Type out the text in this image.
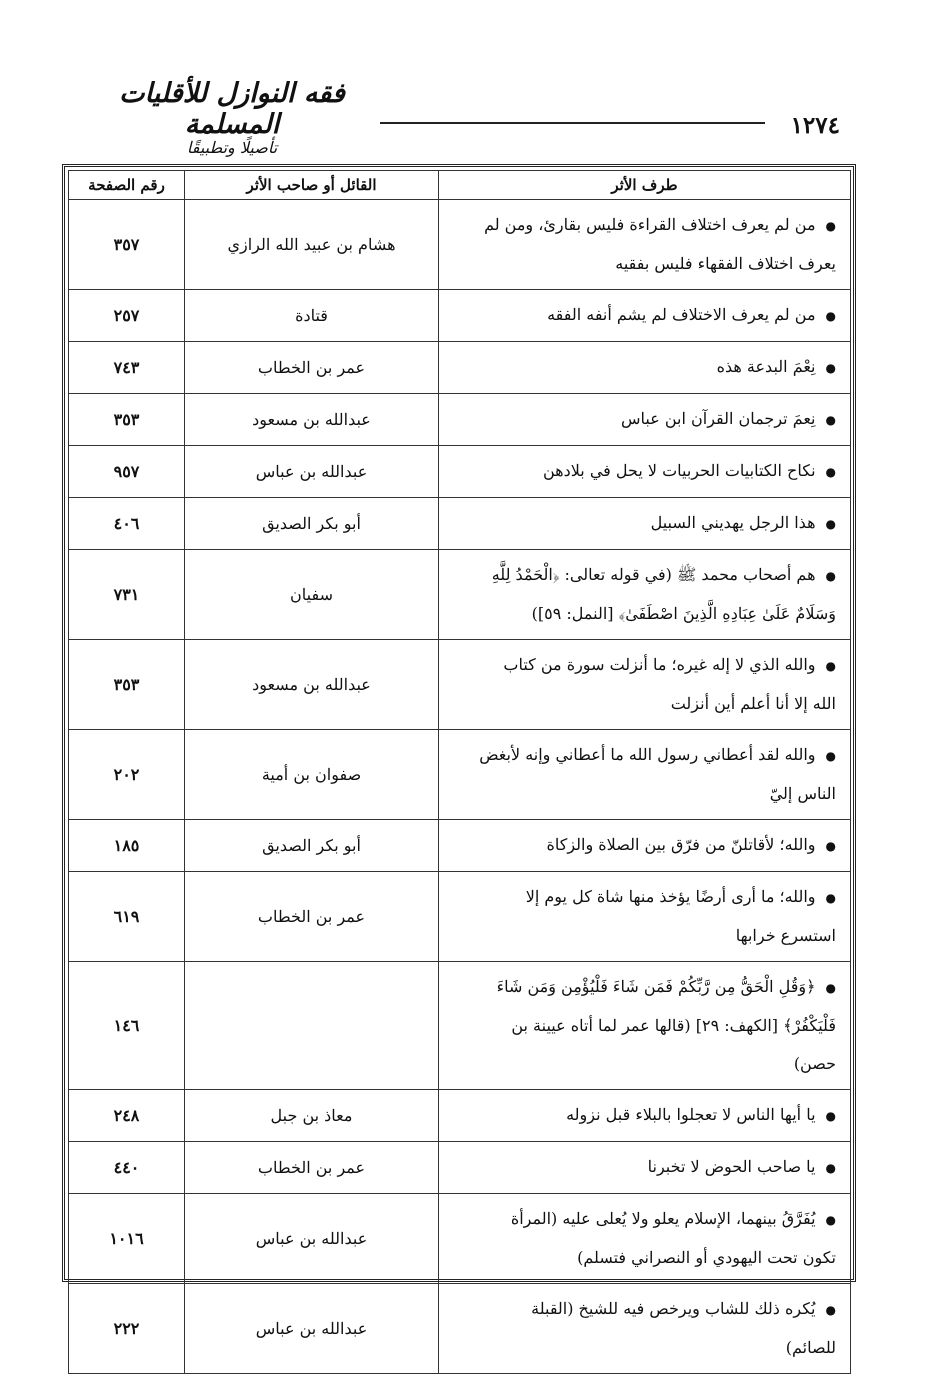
فقه النوازل للأقليات المسلمة
تأصيلًا وتطبيقًا
١٢٧٤
طرف الأثر	القائل أو صاحب الأثر	رقم الصفحة
●من لم يعرف اختلاف القراءة فليس بقارئ، ومن لم يعرف اختلاف الفقهاء فليس بفقيه	هشام بن عبيد الله الرازي	٣٥٧
●من لم يعرف الاختلاف لم يشم أنفه الفقه	قتادة	٢٥٧
●نِعْمَ البدعة هذه	عمر بن الخطاب	٧٤٣
●نِعمَ ترجمان القرآن ابن عباس	عبدالله بن مسعود	٣٥٣
●نكاح الكتابيات الحربيات لا يحل في بلادهن	عبدالله بن عباس	٩٥٧
●هذا الرجل يهديني السبيل	أبو بكر الصديق	٤٠٦
●هم أصحاب محمد ﷺ (في قوله تعالى: ﴿الْحَمْدُ لِلَّهِ وَسَلَامٌ عَلَىٰ عِبَادِهِ الَّذِينَ اصْطَفَىٰ﴾ [النمل: ٥٩])	سفيان	٧٣١
●والله الذي لا إله غيره؛ ما أنزلت سورة من كتاب الله إلا أنا أعلم أين أنزلت	عبدالله بن مسعود	٣٥٣
●والله لقد أعطاني رسول الله ما أعطاني وإنه لأبغض الناس إليّ	صفوان بن أمية	٢٠٢
●والله؛ لأقاتلنّ من فرّق بين الصلاة والزكاة	أبو بكر الصديق	١٨٥
●والله؛ ما أرى أرضًا يؤخذ منها شاة كل يوم إلا استسرع خرابها	عمر بن الخطاب	٦١٩
●﴿وَقُلِ الْحَقُّ مِن رَّبِّكُمْ فَمَن شَاءَ فَلْيُؤْمِن وَمَن شَاءَ فَلْيَكْفُرْ﴾ [الكهف: ٢٩] (قالها عمر لما أتاه عيينة بن حصن)		١٤٦
●يا أيها الناس لا تعجلوا بالبلاء قبل نزوله	معاذ بن جبل	٢٤٨
●يا صاحب الحوض لا تخبرنا	عمر بن الخطاب	٤٤٠
●يُفَرَّقُ بينهما، الإسلام يعلو ولا يُعلى عليه (المرأة تكون تحت اليهودي أو النصراني فتسلم)	عبدالله بن عباس	١٠١٦
●يُكره ذلك للشاب ويرخص فيه للشيخ (القبلة للصائم)	عبدالله بن عباس	٢٢٢
